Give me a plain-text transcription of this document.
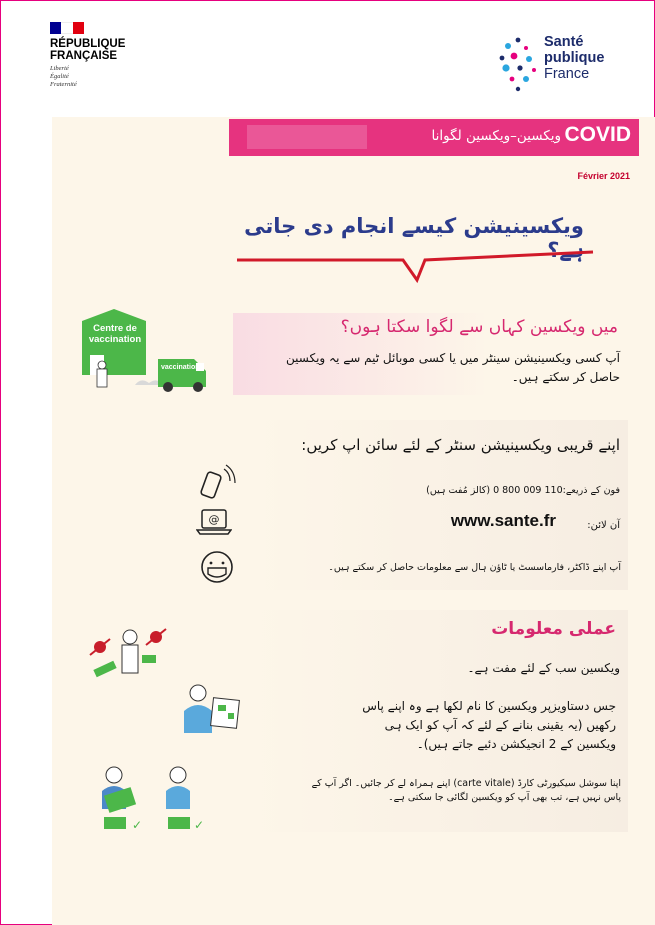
RÉPUBLIQUE
FRANÇAISE
Liberté
Égalité
Fraternité
Santé
publique
France
ویکسین–ویکسین لگوانا COVID
Février 2021
ویکسینیشن کیسے انجام دی جاتی ہے؟
میں ویکسین کہاں سے لگوا سکتا ہوں؟
آپ کسی ویکسینیشن سینٹر میں یا کسی موبائل ٹیم سے یہ ویکسین
حاصل کر سکتے ہیں۔
Centre de
vaccination
vaccination
اپنے قریبی ویکسینیشن سنٹر کے لئے سائن اپ کریں:
فون کے ذریعے:110 009 800 0 (کالز مُفت ہیں)
@	آن لائن:
www.sante.fr
آپ اپنے ڈاکٹر، فارماسسٹ یا ٹاؤن ہال سے معلومات حاصل کر سکتے ہیں۔
عملی معلومات
ویکسین سب کے لئے مفت ہے۔
جس دستاویزپر ویکسین کا نام لکھا ہے وہ اپنے پاس
رکھیں (یہ یقینی بنانے کے لئے کہ آپ کو ایک ہی
ویکسین کے 2 انجیکشن دئیے جاتے ہیں)۔
اپنا سوشل سیکیورٹی کارڈ (carte vitale) اپنے ہمراہ لے کر جائیں۔ اگر آپ کے
پاس نہیں ہے، تب بھی آپ کو ویکسین لگائی جا سکتی ہے۔
✓	✓
